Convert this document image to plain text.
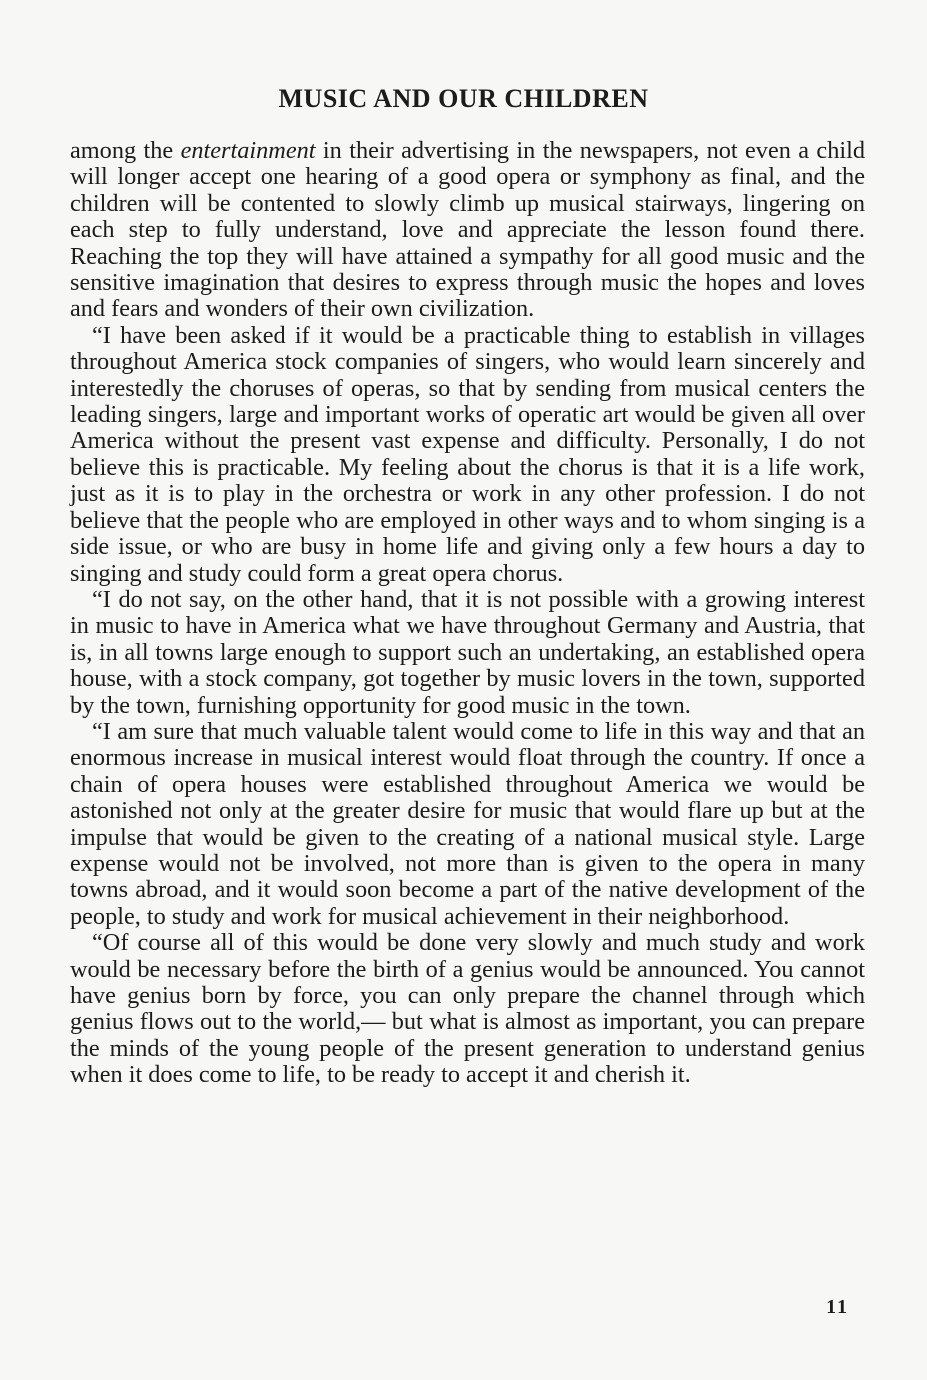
MUSIC AND OUR CHILDREN

among the entertainment in their advertising in the newspapers, not even a child will longer accept one hearing of a good opera or symphony as final, and the children will be contented to slowly climb up musical stairways, lingering on each step to fully understand, love and appreciate the lesson found there. Reaching the top they will have attained a sympathy for all good music and the sensitive imagination that desires to express through music the hopes and loves and fears and wonders of their own civilization.

“I have been asked if it would be a practicable thing to establish in villages throughout America stock companies of singers, who would learn sincerely and interestedly the choruses of operas, so that by sending from musical centers the leading singers, large and important works of operatic art would be given all over America without the present vast expense and difficulty. Personally, I do not believe this is practicable. My feeling about the chorus is that it is a life work, just as it is to play in the orchestra or work in any other profession. I do not believe that the people who are employed in other ways and to whom singing is a side issue, or who are busy in home life and giving only a few hours a day to singing and study could form a great opera chorus.

“I do not say, on the other hand, that it is not possible with a growing interest in music to have in America what we have throughout Germany and Austria, that is, in all towns large enough to support such an undertaking, an established opera house, with a stock company, got together by music lovers in the town, supported by the town, furnishing opportunity for good music in the town.

“I am sure that much valuable talent would come to life in this way and that an enormous increase in musical interest would float through the country. If once a chain of opera houses were established throughout America we would be astonished not only at the greater desire for music that would flare up but at the impulse that would be given to the creating of a national musical style. Large expense would not be involved, not more than is given to the opera in many towns abroad, and it would soon become a part of the native development of the people, to study and work for musical achievement in their neighborhood.

“Of course all of this would be done very slowly and much study and work would be necessary before the birth of a genius would be announced. You cannot have genius born by force, you can only prepare the channel through which genius flows out to the world,— but what is almost as important, you can prepare the minds of the young people of the present generation to understand genius when it does come to life, to be ready to accept it and cherish it.

11
